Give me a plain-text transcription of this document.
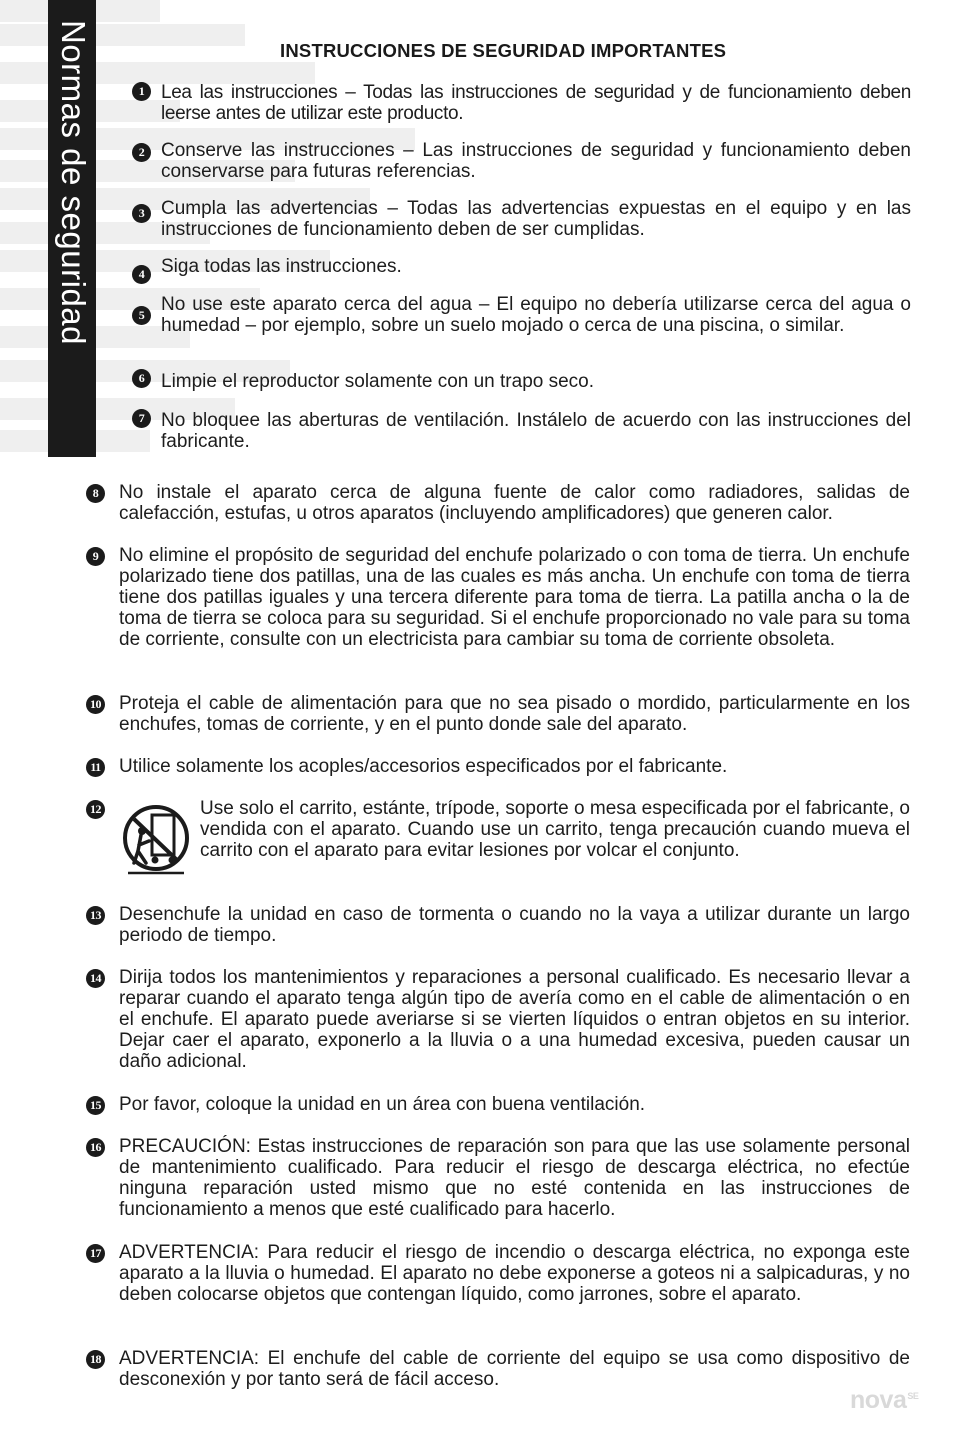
Normas de seguridad	INSTRUCCIONES DE SEGURIDAD IMPORTANTES
1 Lea las instrucciones – Todas las instrucciones de seguridad y de funcionamiento deben leerse antes de utilizar este producto.
2 Conserve las instrucciones – Las instrucciones de seguridad y funcionamiento deben conservarse para futuras referencias.
3 Cumpla las advertencias – Todas las advertencias expuestas en el equipo y en las instrucciones de funcionamiento deben de ser cumplidas.
4 Siga todas las instrucciones.
5 No use este aparato cerca del agua – El equipo no debería utilizarse cerca del agua o humedad – por ejemplo, sobre un suelo mojado o cerca de una piscina, o similar.
6 Limpie el reproductor solamente con un trapo seco.
7 No bloquee las aberturas de ventilación. Instálelo de acuerdo con las instrucciones del fabricante.
8	No instale el aparato cerca de alguna fuente de calor como radiadores, salidas de calefacción, estufas, u otros aparatos (incluyendo amplificadores) que generen calor.
9	No elimine el propósito de seguridad del enchufe polarizado o con toma de tierra. Un enchufe polarizado tiene dos patillas, una de las cuales es más ancha. Un enchufe con toma de tierra tiene dos patillas iguales y una tercera diferente para toma de tierra. La patilla ancha o la de toma de tierra se coloca para su seguridad. Si el enchufe proporcionado no vale para su toma de corriente, consulte con un electricista para cambiar su toma de corriente obsoleta.
10 Proteja el cable de alimentación para que no sea pisado o mordido, particularmente en los enchufes, tomas de corriente, y en el punto donde sale del aparato.
11 Utilice solamente los acoples/accesorios especificados por el fabricante.
12	Use solo el carrito, estánte, trípode, soporte o mesa especificada por el fabricante, o vendida con el aparato. Cuando use un carrito, tenga precaución cuando mueva el carrito con el aparato para evitar lesiones por volcar el conjunto.
13 Desenchufe la unidad en caso de tormenta o cuando no la vaya a utilizar durante un largo periodo de tiempo.
14 Dirija todos los mantenimientos y reparaciones a personal cualificado. Es necesario llevar a reparar cuando el aparato tenga algún tipo de avería como en el cable de alimentación o en el enchufe. El aparato puede averiarse si se vierten líquidos o entran objetos en su interior. Dejar caer el aparato, exponerlo a la lluvia o a una humedad excesiva, pueden causar un daño adicional.
15 Por favor, coloque la unidad en un área con buena ventilación.
16 PRECAUCIÓN: Estas instrucciones de reparación son para que las use solamente personal de mantenimiento cualificado. Para reducir el riesgo de descarga eléctrica, no efectúe ninguna reparación usted mismo que no esté contenida en las instrucciones de funcionamiento a menos que esté cualificado para hacerlo.
17 ADVERTENCIA: Para reducir el riesgo de incendio o descarga eléctrica, no exponga este aparato a la lluvia o humedad. El aparato no debe exponerse a goteos ni a salpicaduras, y no deben colocarse objetos que contengan líquido, como jarrones, sobre el aparato.
18 ADVERTENCIA: El enchufe del cable de corriente del equipo se usa como dispositivo de desconexión y por tanto será de fácil acceso.
nova$^{SE}$
